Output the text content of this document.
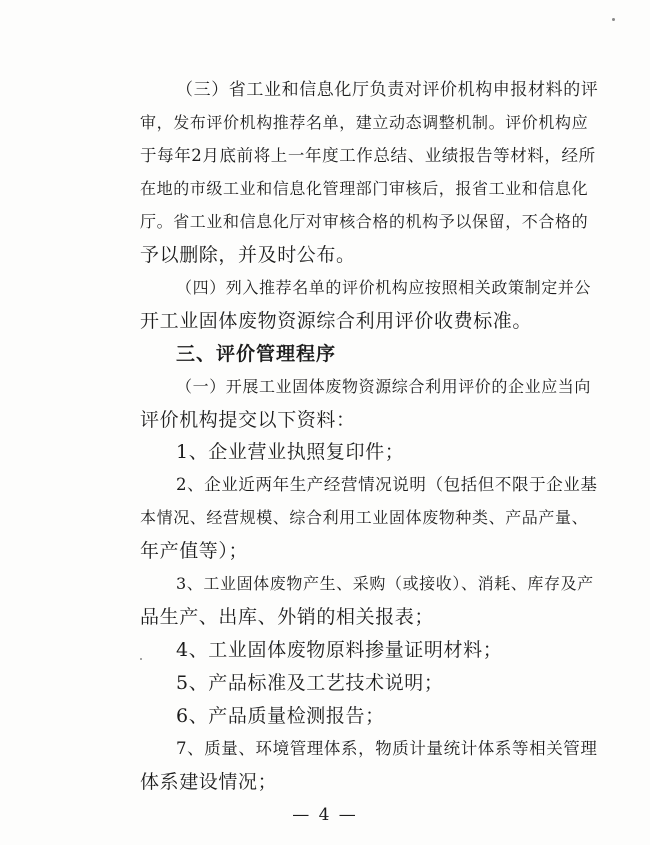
（三）省工业和信息化厅负责对评价机构申报材料的评
审，发布评价机构推荐名单，建立动态调整机制。评价机构应
于每年2月底前将上一年度工作总结、业绩报告等材料，经所
在地的市级工业和信息化管理部门审核后，报省工业和信息化
厅。省工业和信息化厅对审核合格的机构予以保留，不合格的
予以删除，并及时公布。
（四）列入推荐名单的评价机构应按照相关政策制定并公
开工业固体废物资源综合利用评价收费标准。
三、评价管理程序
（一）开展工业固体废物资源综合利用评价的企业应当向
评价机构提交以下资料：
1、企业营业执照复印件；
2、企业近两年生产经营情况说明（包括但不限于企业基
本情况、经营规模、综合利用工业固体废物种类、产品产量、
年产值等）；
3、工业固体废物产生、采购（或接收）、消耗、库存及产
品生产、出库、外销的相关报表；
4、工业固体废物原料掺量证明材料；
5、产品标准及工艺技术说明；
6、产品质量检测报告；
7、质量、环境管理体系，物质计量统计体系等相关管理
体系建设情况；
— 4 —
